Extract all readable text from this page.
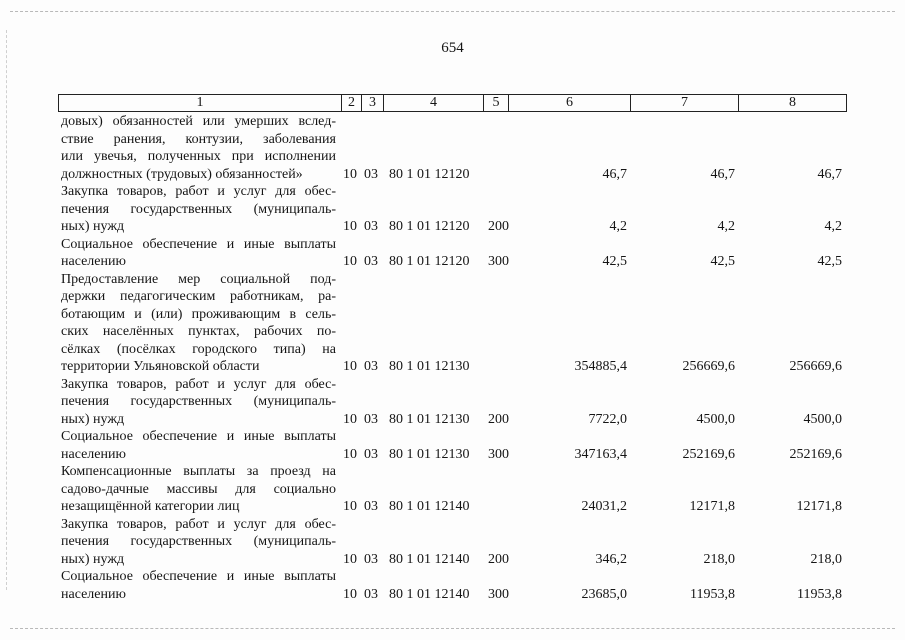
654
1	2	3	4	5	6	7	8
довых) обязанностей или умерших вслед-
ствие ранения, контузии, заболевания
или увечья, полученных при исполнении
должностных (трудовых) обязанностей»	10 03 80 1 01 12120	46,7	46,7	46,7
Закупка товаров, работ и услуг для обес-
печения государственных (муниципаль-
ных) нужд	10 03 80 1 01 12120 200	4,2	4,2	4,2
Социальное обеспечение и иные выплаты
населению	10 03 80 1 01 12120 300	42,5	42,5	42,5
Предоставление мер социальной под-
держки педагогическим работникам, ра-
ботающим и (или) проживающим в сель-
ских населённых пунктах, рабочих по-
сёлках (посёлках городского типа) на
территории Ульяновской области	10 03 80 1 01 12130	354885,4	256669,6	256669,6
Закупка товаров, работ и услуг для обес-
печения государственных (муниципаль-
ных) нужд	10 03 80 1 01 12130 200	7722,0	4500,0	4500,0
Социальное обеспечение и иные выплаты
населению	10 03 80 1 01 12130 300	347163,4	252169,6	252169,6
Компенсационные выплаты за проезд на
садово-дачные массивы для социально
незащищённой категории лиц	10 03 80 1 01 12140	24031,2	12171,8	12171,8
Закупка товаров, работ и услуг для обес-
печения государственных (муниципаль-
ных) нужд	10 03 80 1 01 12140 200	346,2	218,0	218,0
Социальное обеспечение и иные выплаты
населению	10 03 80 1 01 12140 300	23685,0	11953,8	11953,8
